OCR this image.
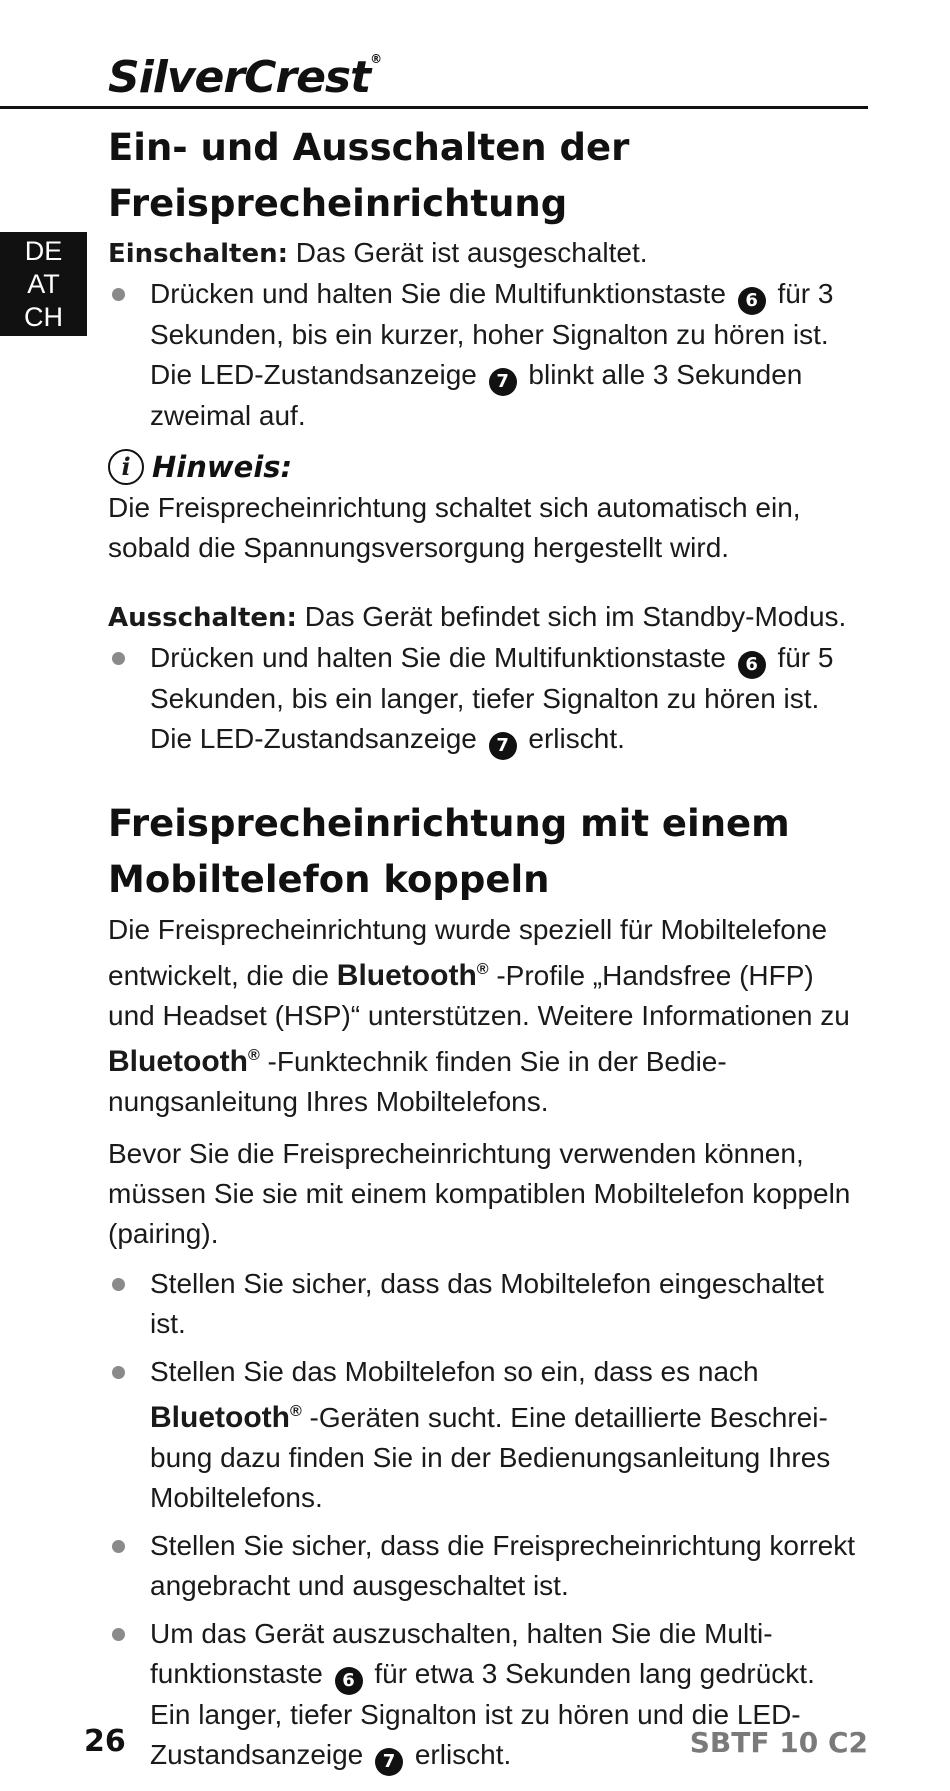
SilverCrest®
DE
AT
CH
Ein- und Ausschalten der
Freisprecheinrichtung

Einschalten: Das Gerät ist ausgeschaltet.

Drücken und halten Sie die Multifunktionstaste 6 für 3 Sekunden, bis ein kurzer, hoher Signalton zu hören ist. Die LED-Zustandsanzeige 7 blinkt alle 3 Sekunden zweimal auf.
i Hinweis:

Die Freisprecheinrichtung schaltet sich automatisch ein, sobald die Spannungsversorgung hergestellt wird.

Ausschalten: Das Gerät befindet sich im Standby-Modus.

Drücken und halten Sie die Multifunktionstaste 6 für 5 Sekunden, bis ein langer, tiefer Signalton zu hören ist. Die LED-Zustandsanzeige 7 erlischt.
Freisprecheinrichtung mit einem
Mobiltelefon koppeln

Die Freisprecheinrichtung wurde speziell für Mobiltelefone entwickelt, die die Bluetooth® -Profile „Handsfree (HFP) und Headset (HSP)“ unterstützen. Weitere Informationen zu Bluetooth® -Funktechnik finden Sie in der Bedienungsanleitung Ihres Mobiltelefons.

Bevor Sie die Freisprecheinrichtung verwenden können, müssen Sie sie mit einem kompatiblen Mobiltelefon koppeln (pairing).

Stellen Sie sicher, dass das Mobiltelefon eingeschaltet ist.
Stellen Sie das Mobiltelefon so ein, dass es nach Bluetooth® -Geräten sucht. Eine detaillierte Beschreibung dazu finden Sie in der Bedienungsanleitung Ihres Mobiltelefons.
Stellen Sie sicher, dass die Freisprecheinrichtung korrekt angebracht und ausgeschaltet ist.
Um das Gerät auszuschalten, halten Sie die Multifunktionstaste 6 für etwa 3 Sekunden lang gedrückt. Ein langer, tiefer Signalton ist zu hören und die LED-Zustandsanzeige 7 erlischt.
26	SBTF 10 C2
